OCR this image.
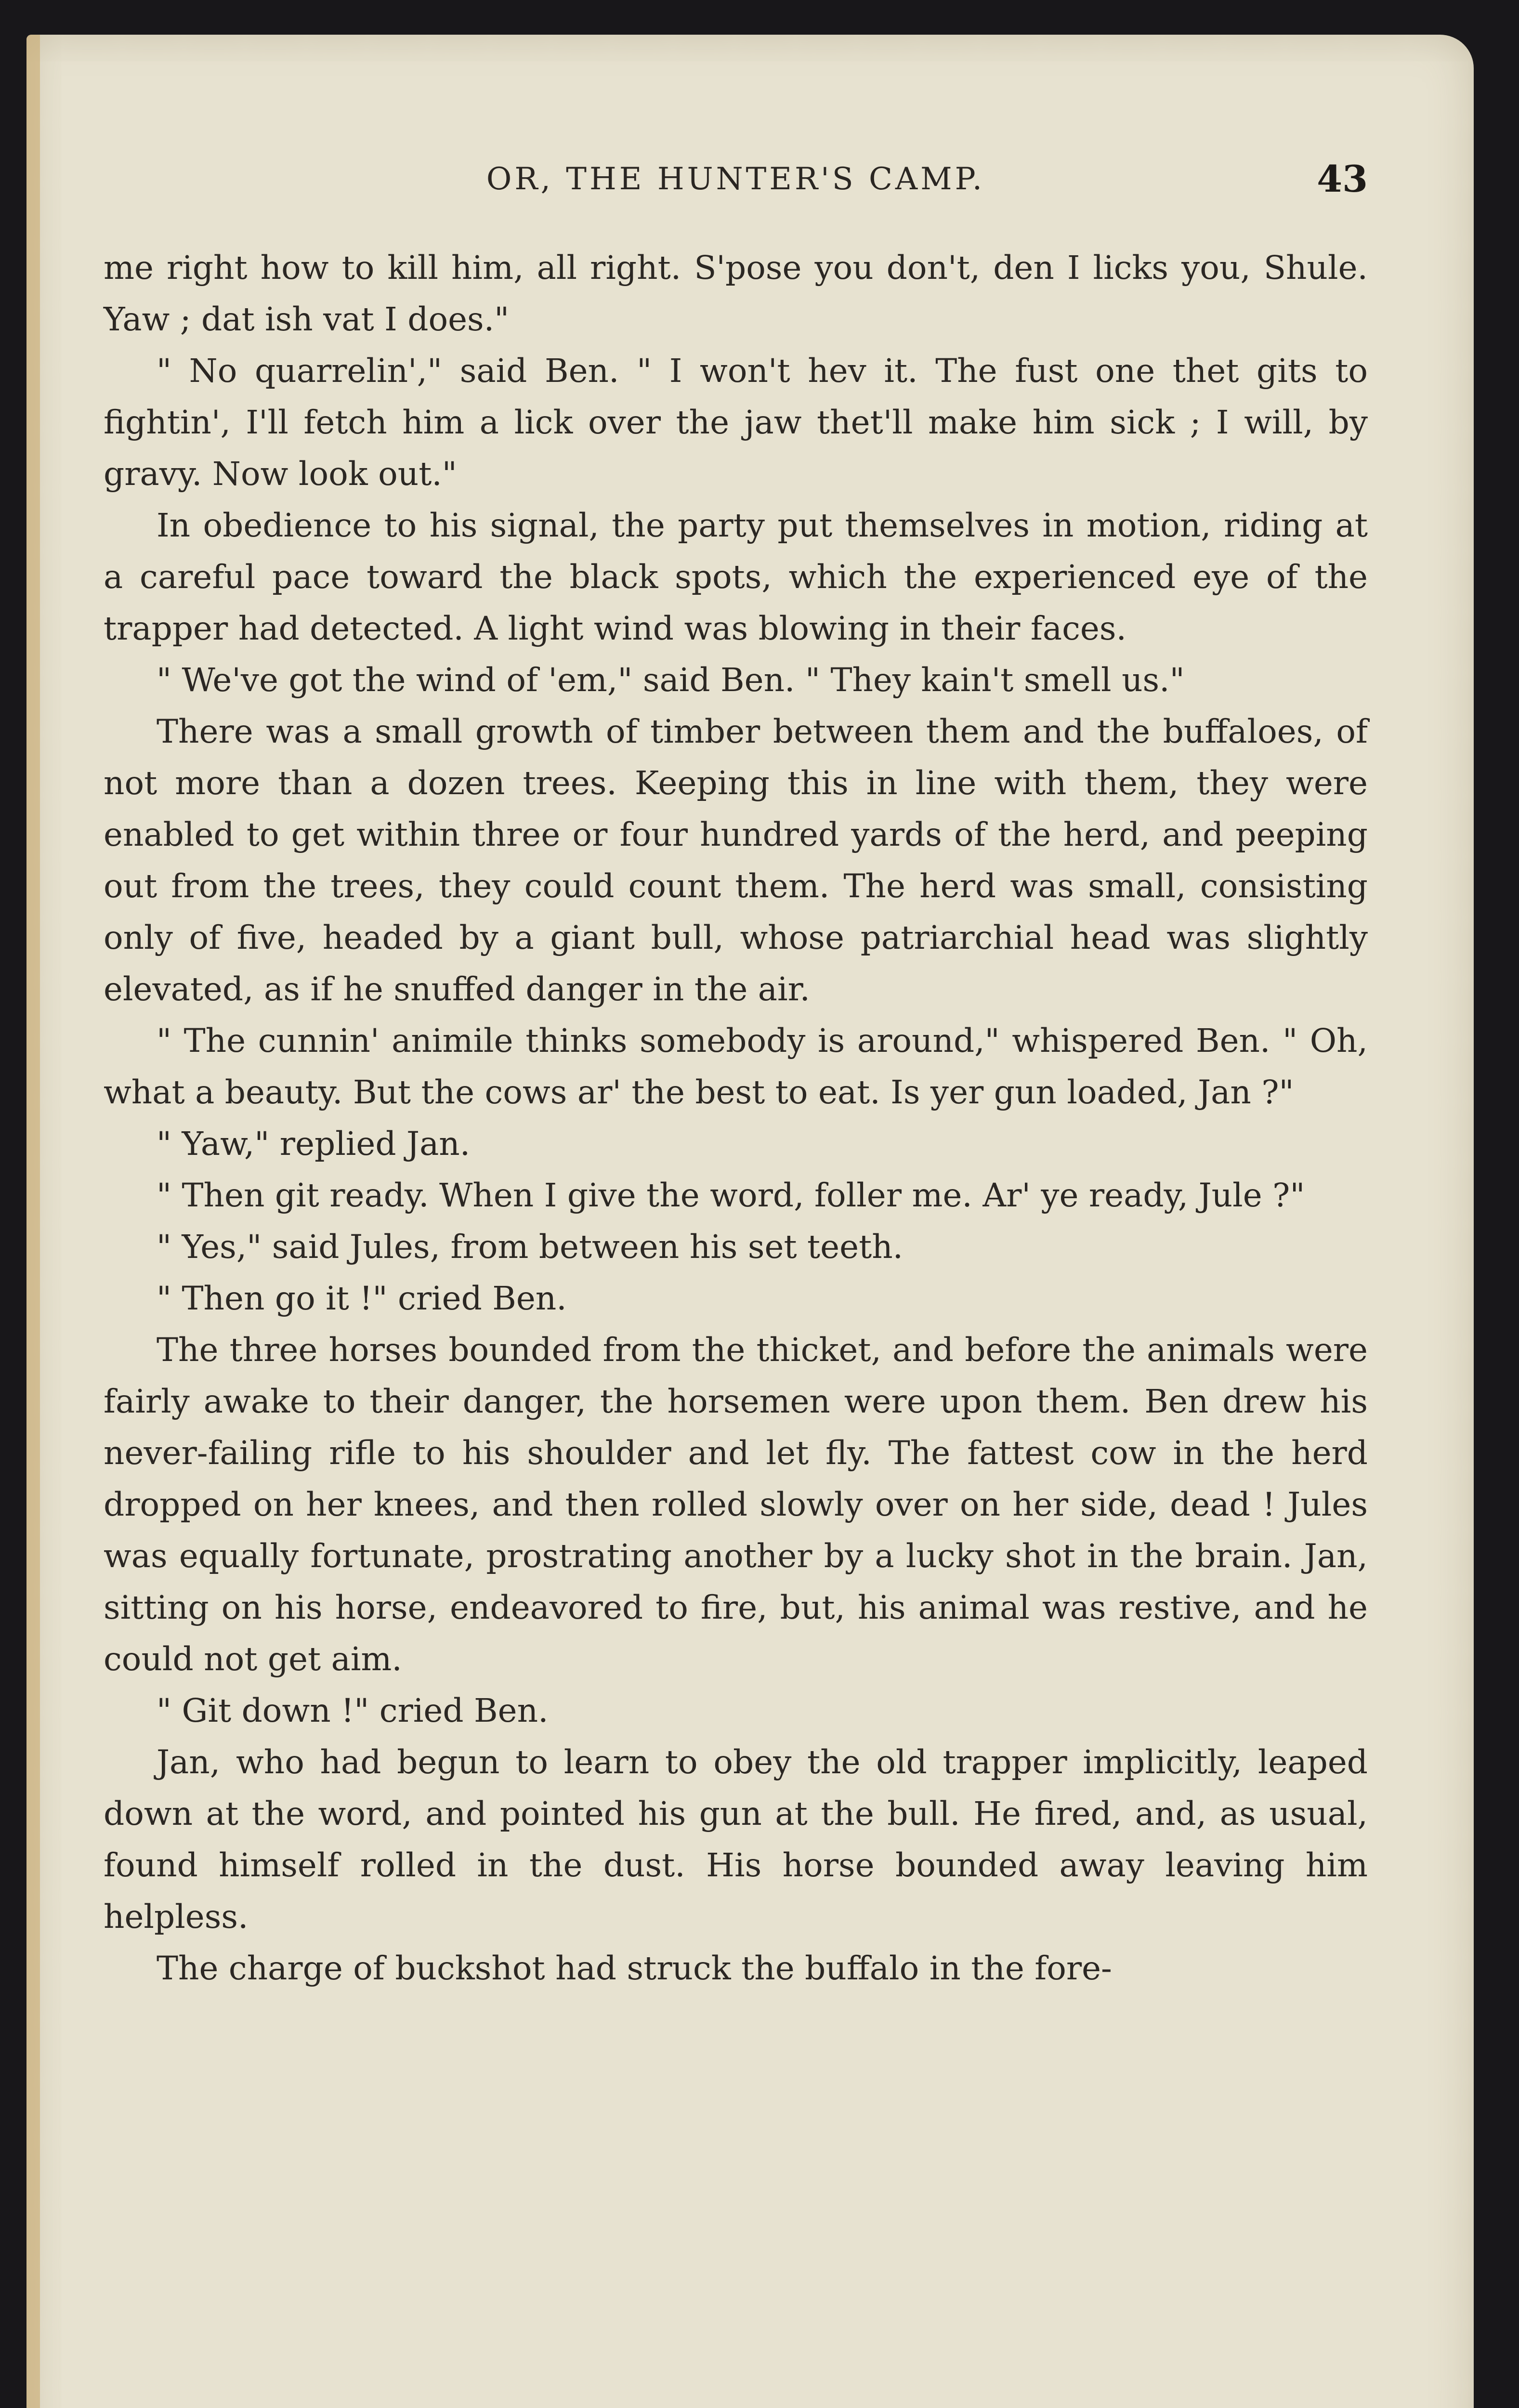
OR, THE HUNTER'S CAMP.	43

me right how to kill him, all right. S'pose you don't, den I licks you, Shule. Yaw ; dat ish vat I does."

" No quarrelin'," said Ben. " I won't hev it. The fust one thet gits to fightin', I'll fetch him a lick over the jaw thet'll make him sick ; I will, by gravy. Now look out."

In obedience to his signal, the party put themselves in motion, riding at a careful pace toward the black spots, which the experienced eye of the trapper had detected. A light wind was blowing in their faces.

" We've got the wind of 'em," said Ben. " They kain't smell us."

There was a small growth of timber between them and the buffaloes, of not more than a dozen trees. Keeping this in line with them, they were enabled to get within three or four hundred yards of the herd, and peeping out from the trees, they could count them. The herd was small, consisting only of five, headed by a giant bull, whose patriarchial head was slightly elevated, as if he snuffed danger in the air.

" The cunnin' animile thinks somebody is around," whispered Ben. " Oh, what a beauty. But the cows ar' the best to eat. Is yer gun loaded, Jan ?"

" Yaw," replied Jan.

" Then git ready. When I give the word, foller me. Ar' ye ready, Jule ?"

" Yes," said Jules, from between his set teeth.

" Then go it !" cried Ben.

The three horses bounded from the thicket, and before the animals were fairly awake to their danger, the horsemen were upon them. Ben drew his never-failing rifle to his shoulder and let fly. The fattest cow in the herd dropped on her knees, and then rolled slowly over on her side, dead ! Jules was equally fortunate, prostrating another by a lucky shot in the brain. Jan, sitting on his horse, endeavored to fire, but, his animal was restive, and he could not get aim.

" Git down !" cried Ben.

Jan, who had begun to learn to obey the old trapper implicitly, leaped down at the word, and pointed his gun at the bull. He fired, and, as usual, found himself rolled in the dust. His horse bounded away leaving him helpless.

The charge of buckshot had struck the buffalo in the fore-
